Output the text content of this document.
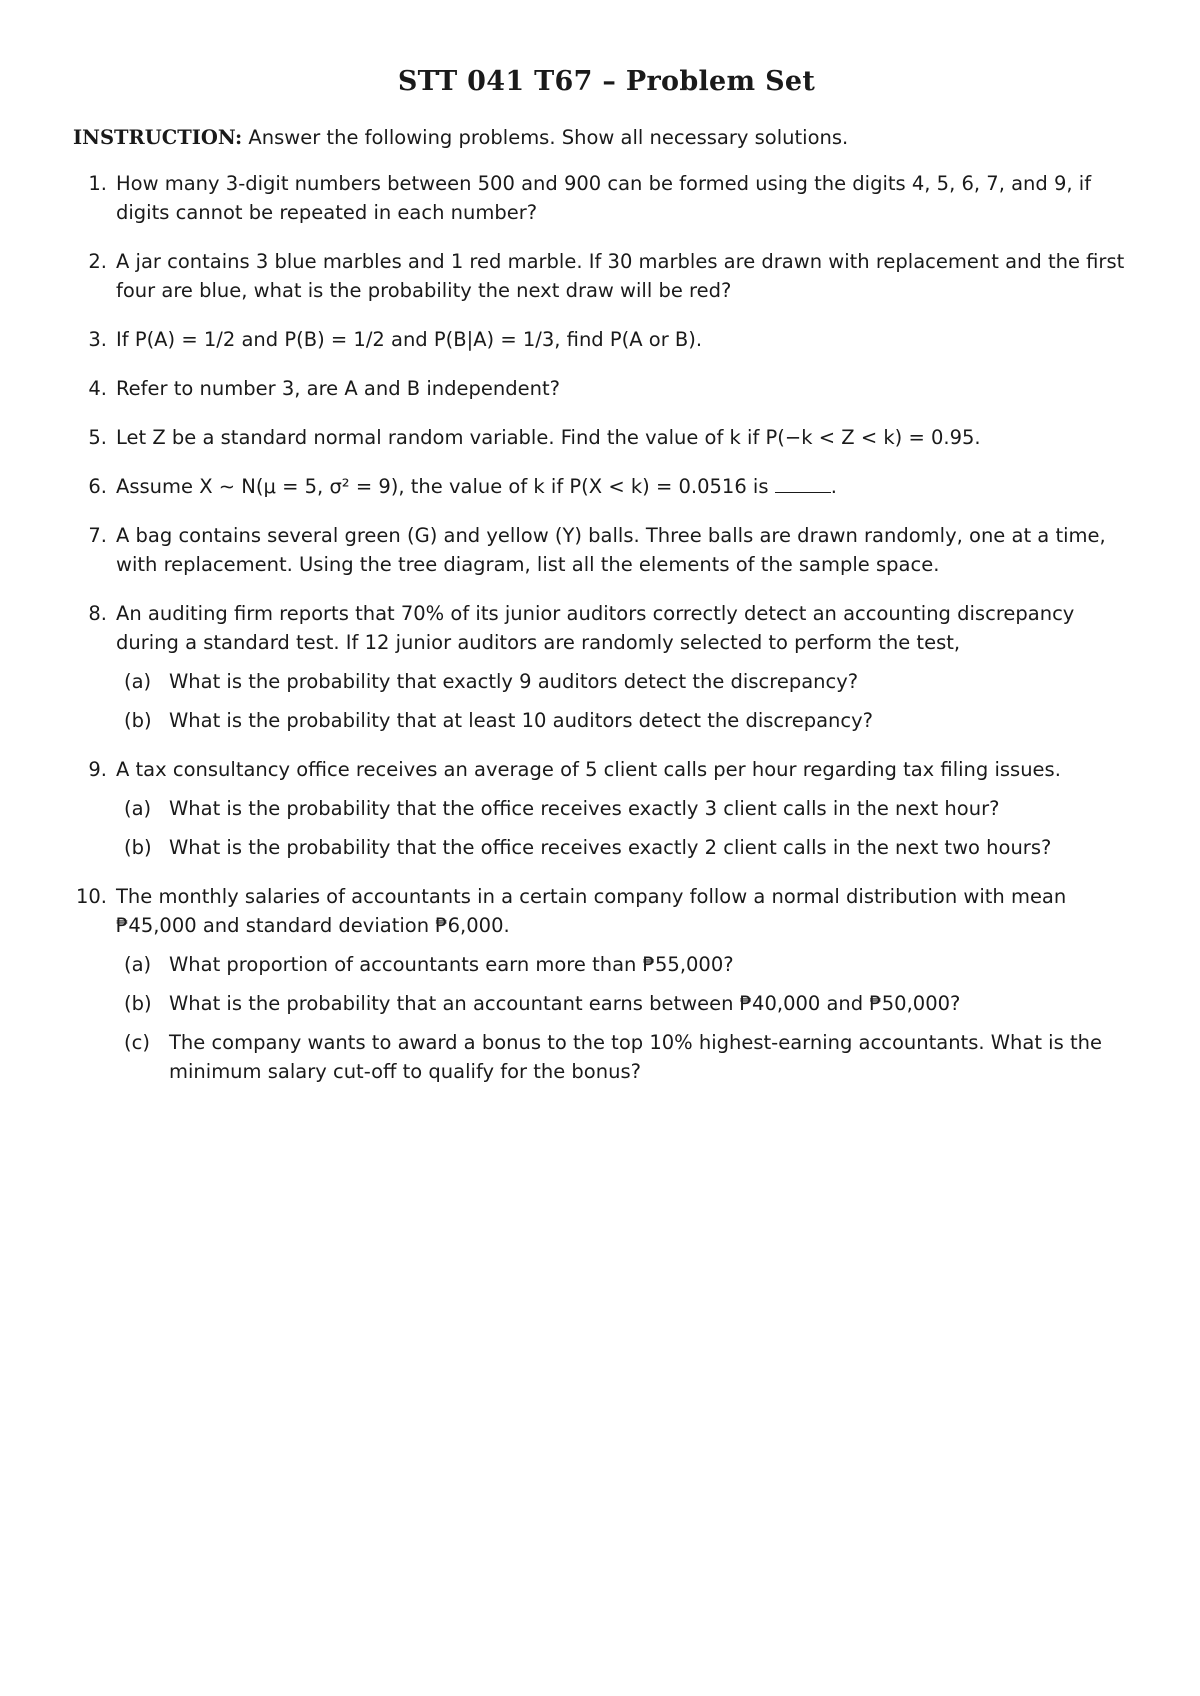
STT 041 T67 – Problem Set

INSTRUCTION: Answer the following problems. Show all necessary solutions.

1. How many 3-digit numbers between 500 and 900 can be formed using the digits 4, 5, 6, 7, and 9, if digits cannot be repeated in each number?
2. A jar contains 3 blue marbles and 1 red marble. If 30 marbles are drawn with replacement and the first four are blue, what is the probability the next draw will be red?
3. If P(A) = 1/2 and P(B) = 1/2 and P(B|A) = 1/3, find P(A or B).
4. Refer to number 3, are A and B independent?
5. Let Z be a standard normal random variable. Find the value of k if P(−k < Z < k) = 0.95.
6. Assume X ∼ N(μ = 5, σ² = 9), the value of k if P(X < k) = 0.0516 is	.
7. A bag contains several green (G) and yellow (Y) balls. Three balls are drawn randomly, one at a time, with replacement. Using the tree diagram, list all the elements of the sample space.
8. An auditing firm reports that 70% of its junior auditors correctly detect an accounting discrepancy during a standard test. If 12 junior auditors are randomly selected to perform the test,
(a) What is the probability that exactly 9 auditors detect the discrepancy?
(b) What is the probability that at least 10 auditors detect the discrepancy?
9. A tax consultancy office receives an average of 5 client calls per hour regarding tax filing issues.
(a) What is the probability that the office receives exactly 3 client calls in the next hour?
(b) What is the probability that the office receives exactly 2 client calls in the next two hours?
10. The monthly salaries of accountants in a certain company follow a normal distribution with mean ₱45,000 and standard deviation ₱6,000.
(a) What proportion of accountants earn more than ₱55,000?
(b) What is the probability that an accountant earns between ₱40,000 and ₱50,000?
(c) The company wants to award a bonus to the top 10% highest-earning accountants. What is the minimum salary cut-off to qualify for the bonus?
